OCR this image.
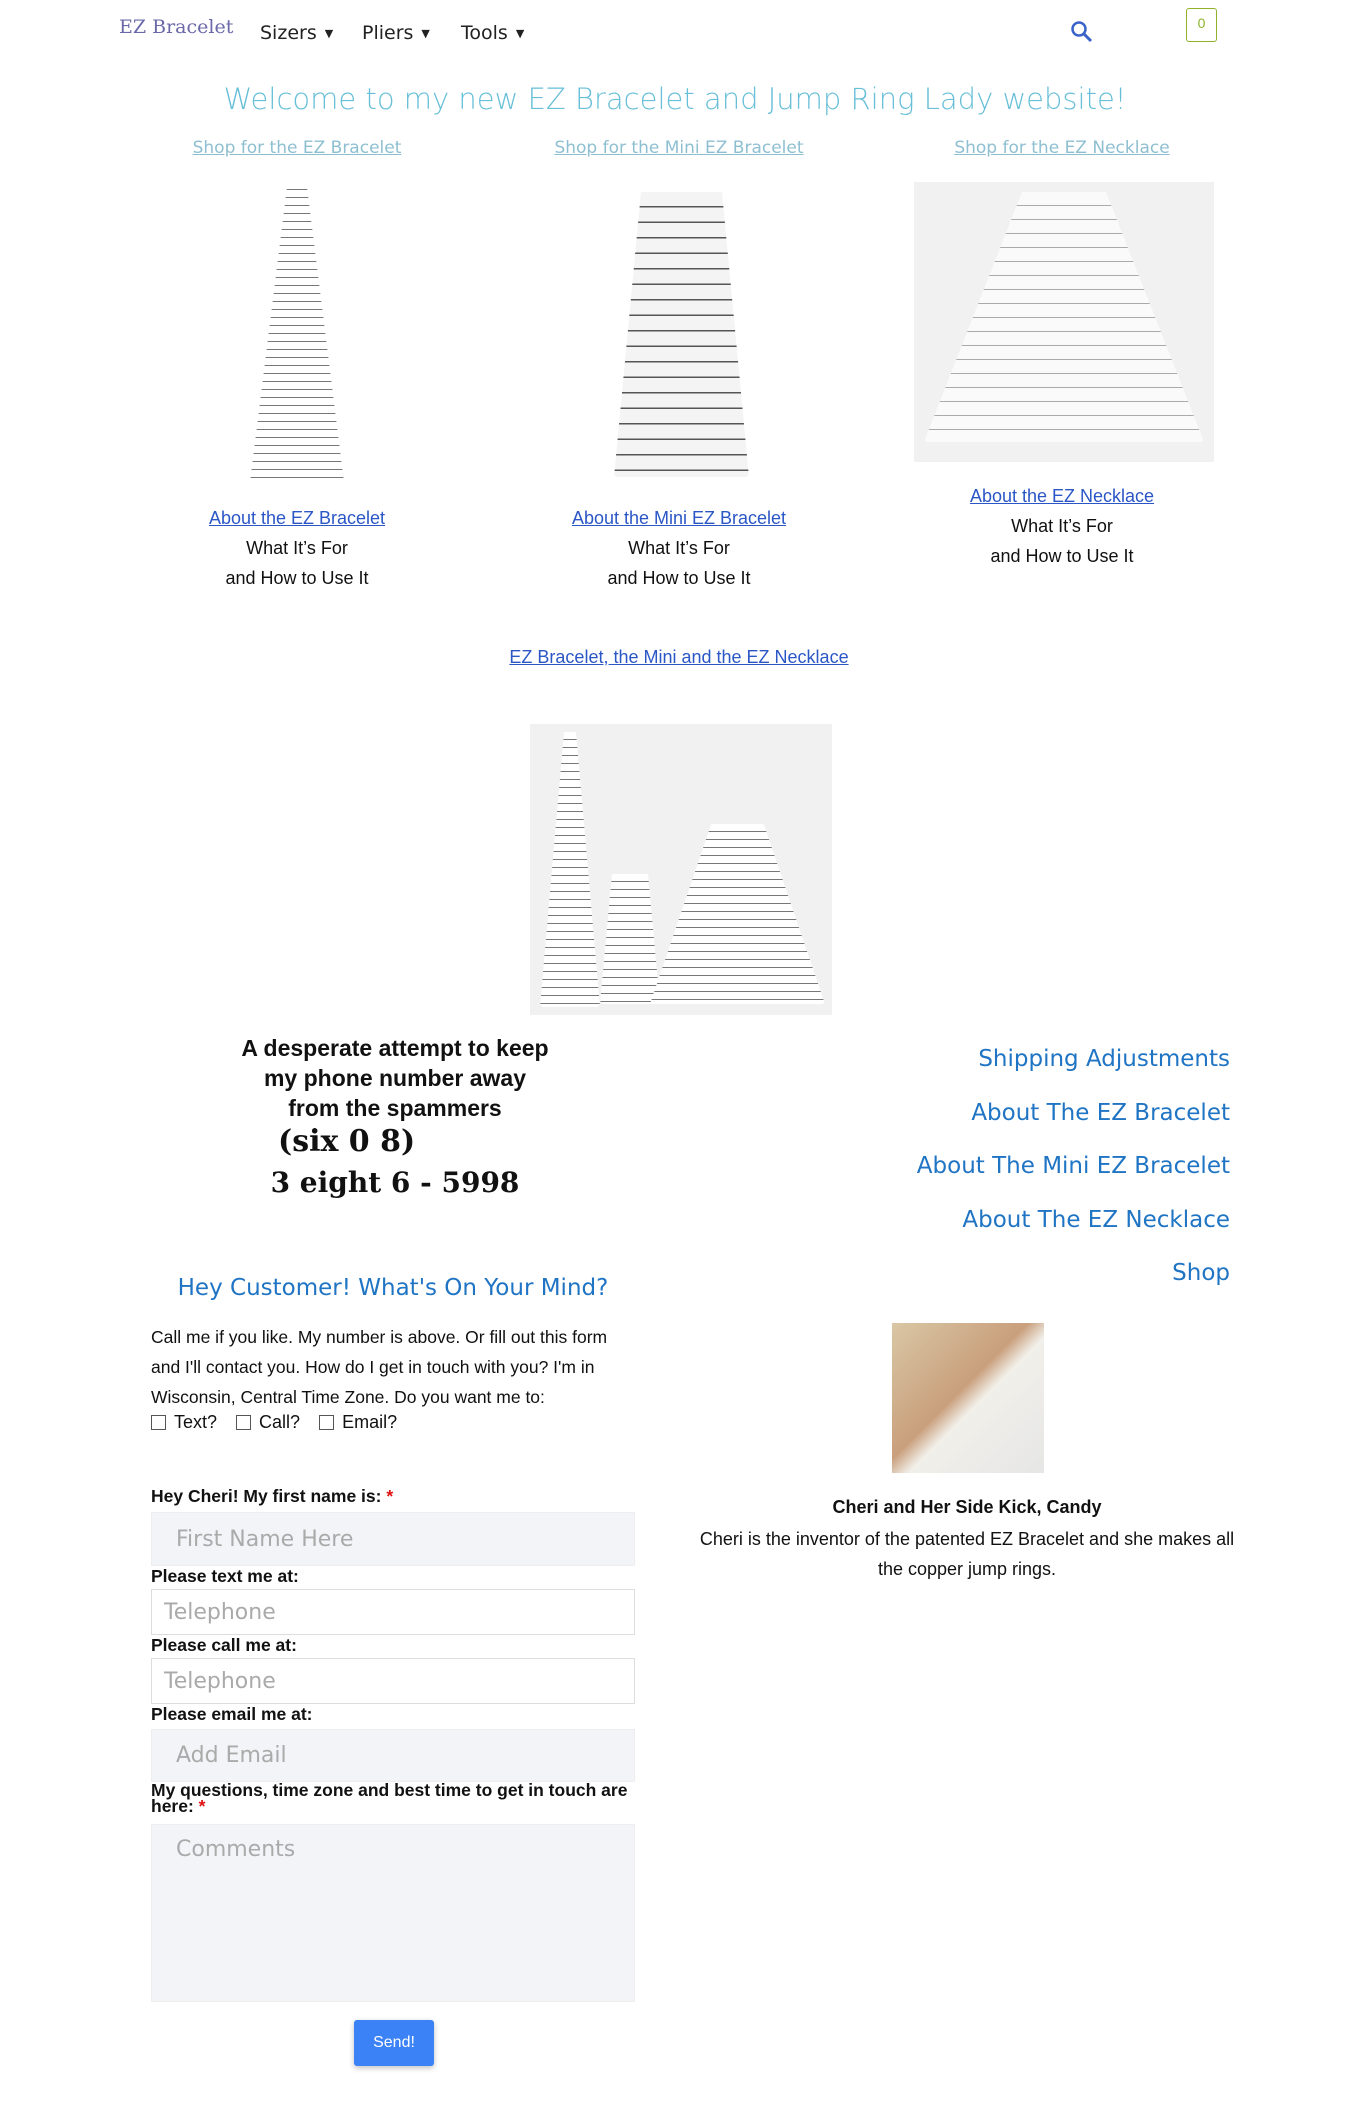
EZ Bracelet Sizers ▼ Pliers ▼ Tools ▼
0
Welcome to my new EZ Bracelet and Jump Ring Lady website!
Shop for the EZ Bracelet	Shop for the Mini EZ Bracelet	Shop for the EZ Necklace
About the EZ Bracelet
What It’s For
and How to Use It
About the Mini EZ Bracelet
What It’s For
and How to Use It
About the EZ Necklace
What It’s For
and How to Use It
EZ Bracelet, the Mini and the EZ Necklace
A desperate attempt to keep
my phone number away
from the spammers
(six 0 8)
3 eight 6 - 5998
Shipping Adjustments
About The EZ Bracelet
About The Mini EZ Bracelet
About The EZ Necklace
Shop
Hey Customer! What's On Your Mind?
Call me if you like. My number is above. Or fill out this form and I'll contact you. How do I get in touch with you? I'm in Wisconsin, Central Time Zone. Do you want me to:
Text? Call? Email?
Hey Cheri! My first name is: *
First Name Here
Please text me at:
Telephone
Please call me at:
Telephone
Please email me at:
Add Email
My questions, time zone and best time to get in touch are here: *
Comments
Send!
Cheri and Her Side Kick, Candy
Cheri is the inventor of the patented EZ Bracelet and she makes all the copper jump rings.
